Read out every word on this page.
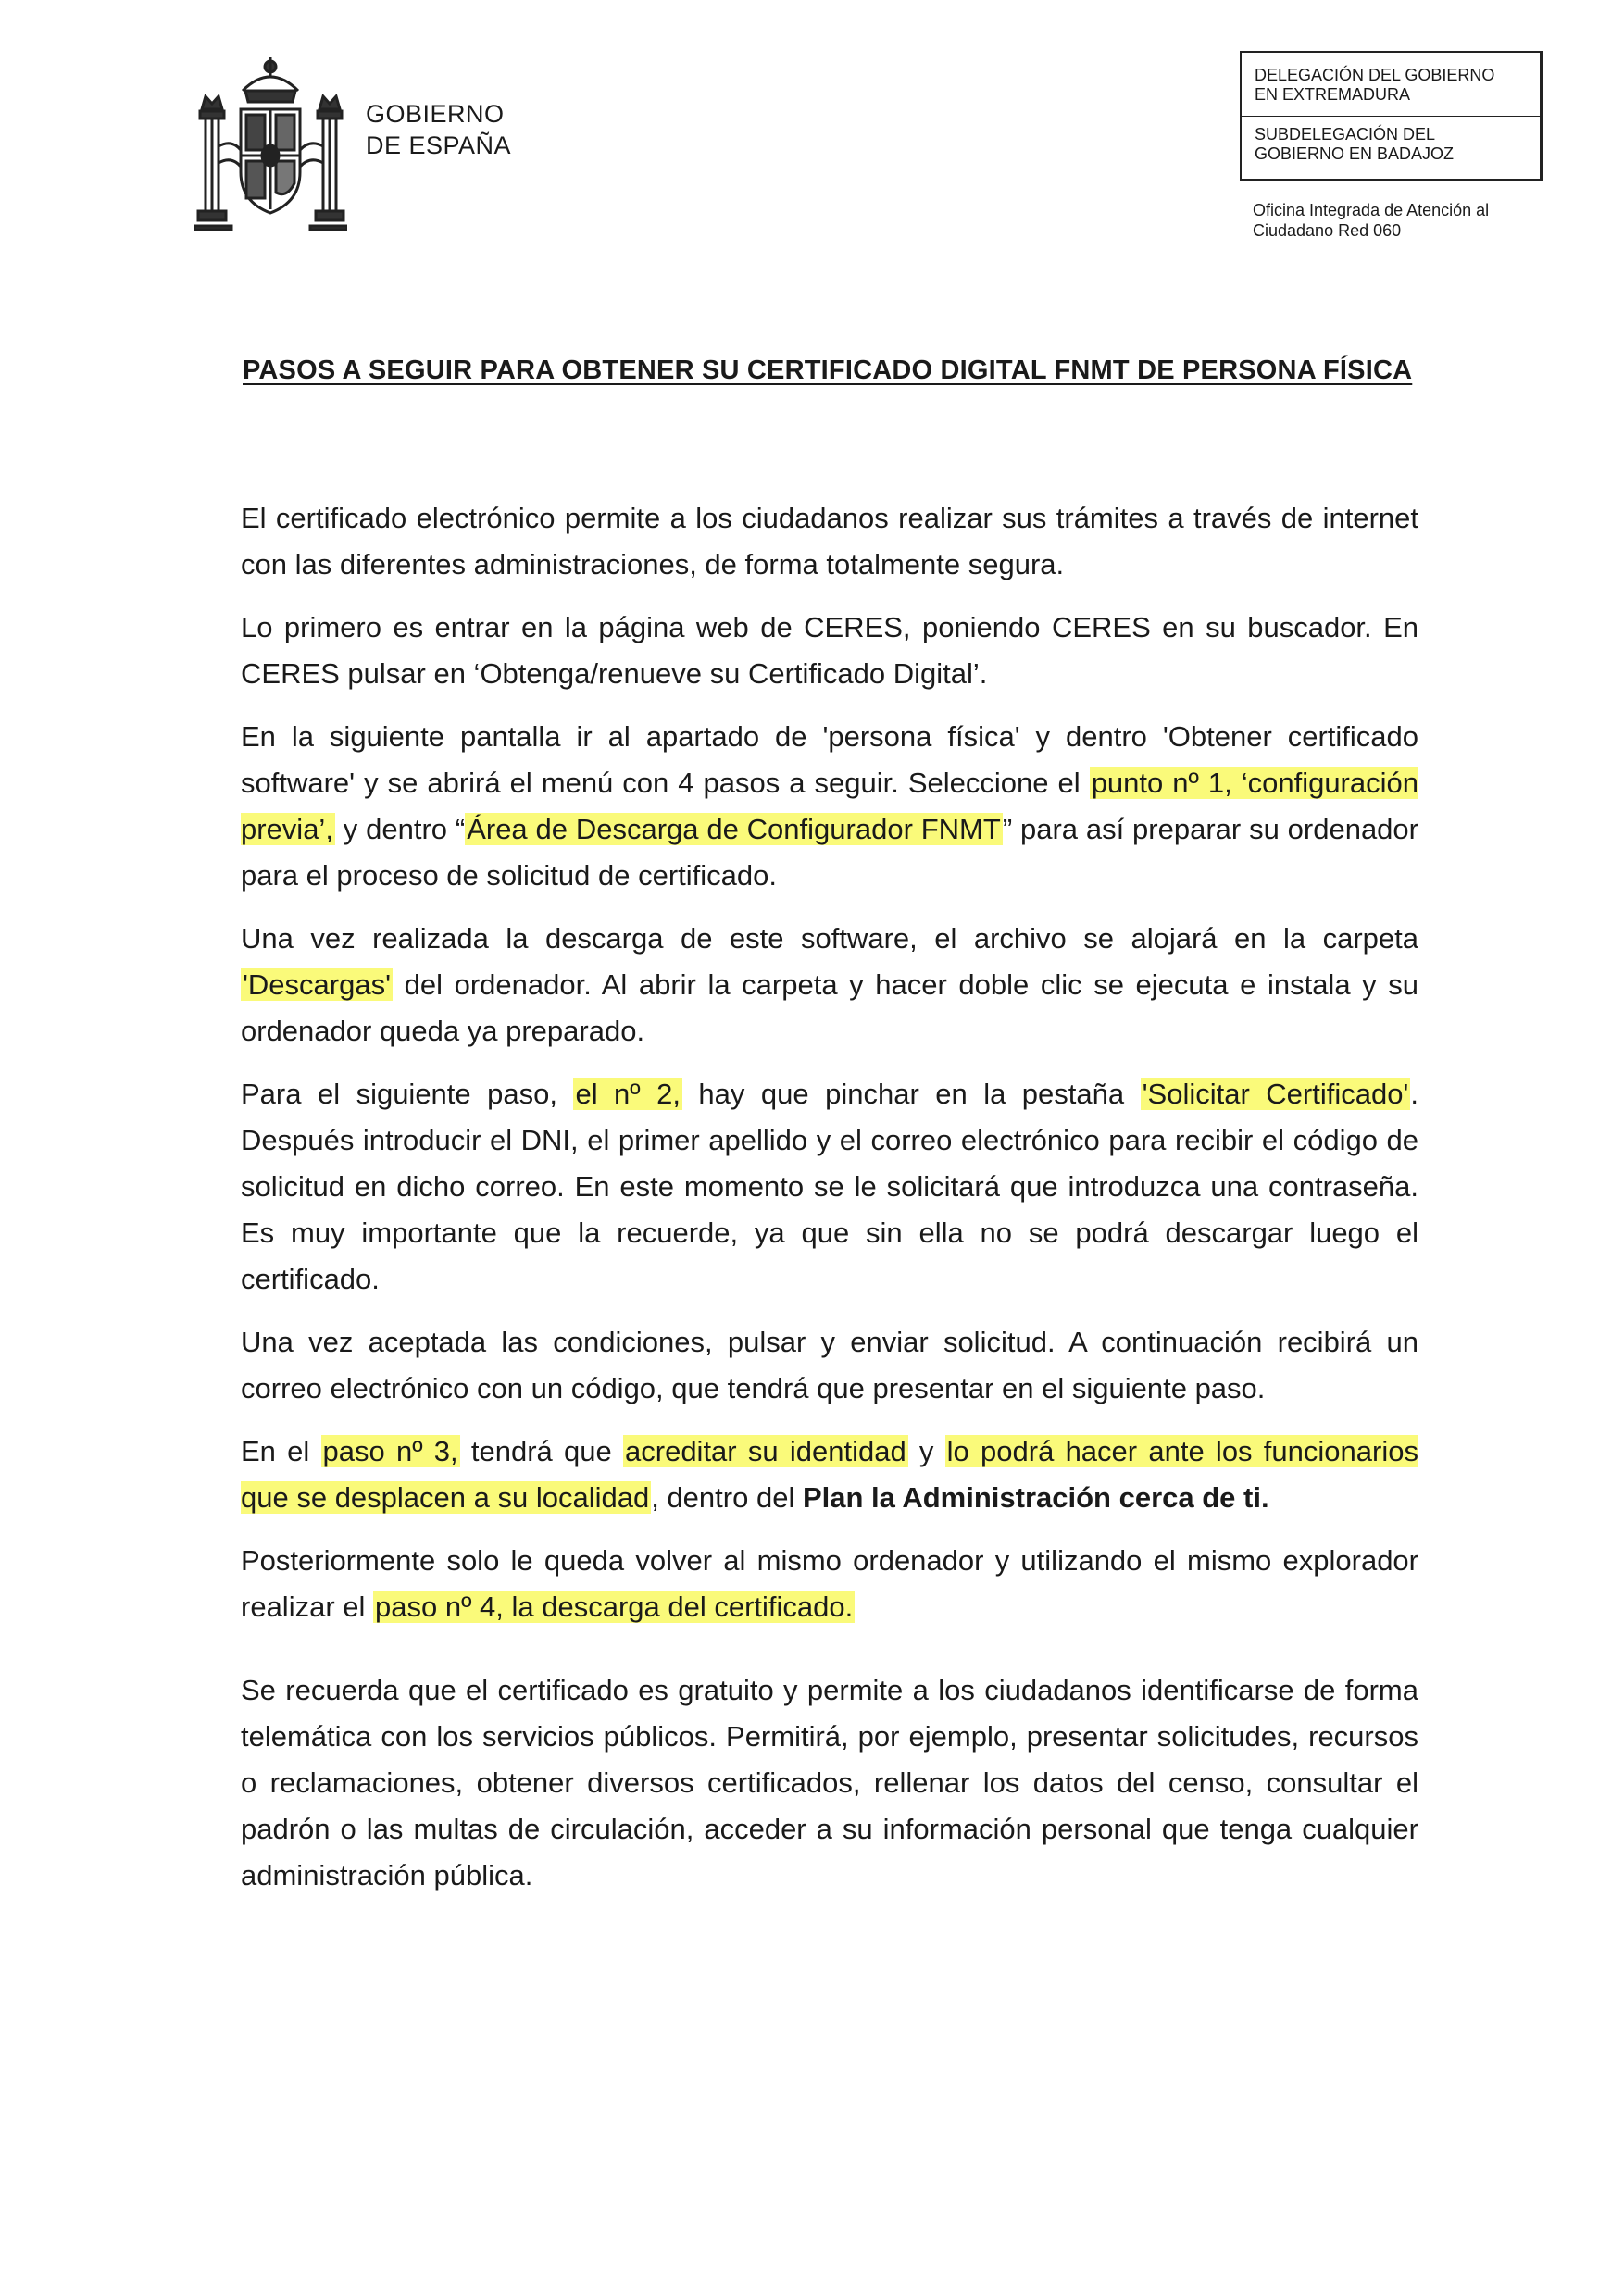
GOBIERNO
DE ESPAÑA
DELEGACIÓN DEL GOBIERNO
EN EXTREMADURA
SUBDELEGACIÓN DEL
GOBIERNO EN BADAJOZ
Oficina Integrada de Atención al
Ciudadano Red 060
PASOS A SEGUIR PARA OBTENER SU CERTIFICADO DIGITAL FNMT DE PERSONA FÍSICA

El certificado electrónico permite a los ciudadanos realizar sus trámites a través de internet con las diferentes administraciones, de forma totalmente segura.

Lo primero es entrar en la página web de CERES, poniendo CERES en su buscador. En CERES pulsar en ‘Obtenga/renueve su Certificado Digital’.

En la siguiente pantalla ir al apartado de 'persona física' y dentro 'Obtener certificado software' y se abrirá el menú con 4 pasos a seguir. Seleccione el punto nº 1, ‘configuración previa’, y dentro “Área de Descarga de Configurador FNMT” para así preparar su ordenador para el proceso de solicitud de certificado.

Una vez realizada la descarga de este software, el archivo se alojará en la carpeta 'Descargas' del ordenador. Al abrir la carpeta y hacer doble clic se ejecuta e instala y su ordenador queda ya preparado.

Para el siguiente paso, el nº 2, hay que pinchar en la pestaña 'Solicitar Certificado'. Después introducir el DNI, el primer apellido y el correo electrónico para recibir el código de solicitud en dicho correo. En este momento se le solicitará que introduzca una contraseña. Es muy importante que la recuerde, ya que sin ella no se podrá descargar luego el certificado.

Una vez aceptada las condiciones, pulsar y enviar solicitud. A continuación recibirá un correo electrónico con un código, que tendrá que presentar en el siguiente paso.

En el paso nº 3, tendrá que acreditar su identidad y lo podrá hacer ante los funcionarios que se desplacen a su localidad, dentro del Plan la Administración cerca de ti.

Posteriormente solo le queda volver al mismo ordenador y utilizando el mismo explorador realizar el paso nº 4, la descarga del certificado.

Se recuerda que el certificado es gratuito y permite a los ciudadanos identificarse de forma telemática con los servicios públicos. Permitirá, por ejemplo, presentar solicitudes, recursos o reclamaciones, obtener diversos certificados, rellenar los datos del censo, consultar el padrón o las multas de circulación, acceder a su información personal que tenga cualquier administración pública.
